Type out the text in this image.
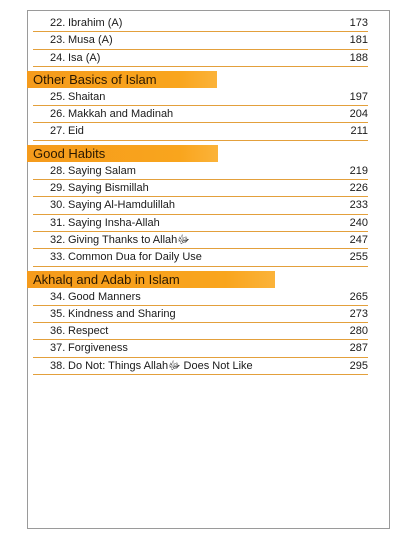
22. Ibrahim (A)	173
23. Musa (A)	181
24. Isa (A)	188
Other Basics of Islam
25. Shaitan	197
26. Makkah and Madinah	204
27. Eid	211
Good Habits
28. Saying Salam	219
29. Saying Bismillah	226
30. Saying Al-Hamdulillah	233
31. Saying Insha-Allah	240
32. Giving Thanks to Allahﷻ	247
33. Common Dua for Daily Use	255
Akhalq and Adab in Islam
34. Good Manners	265
35. Kindness and Sharing	273
36. Respect	280
37. Forgiveness	287
38. Do Not: Things Allahﷻ Does Not Like	295
